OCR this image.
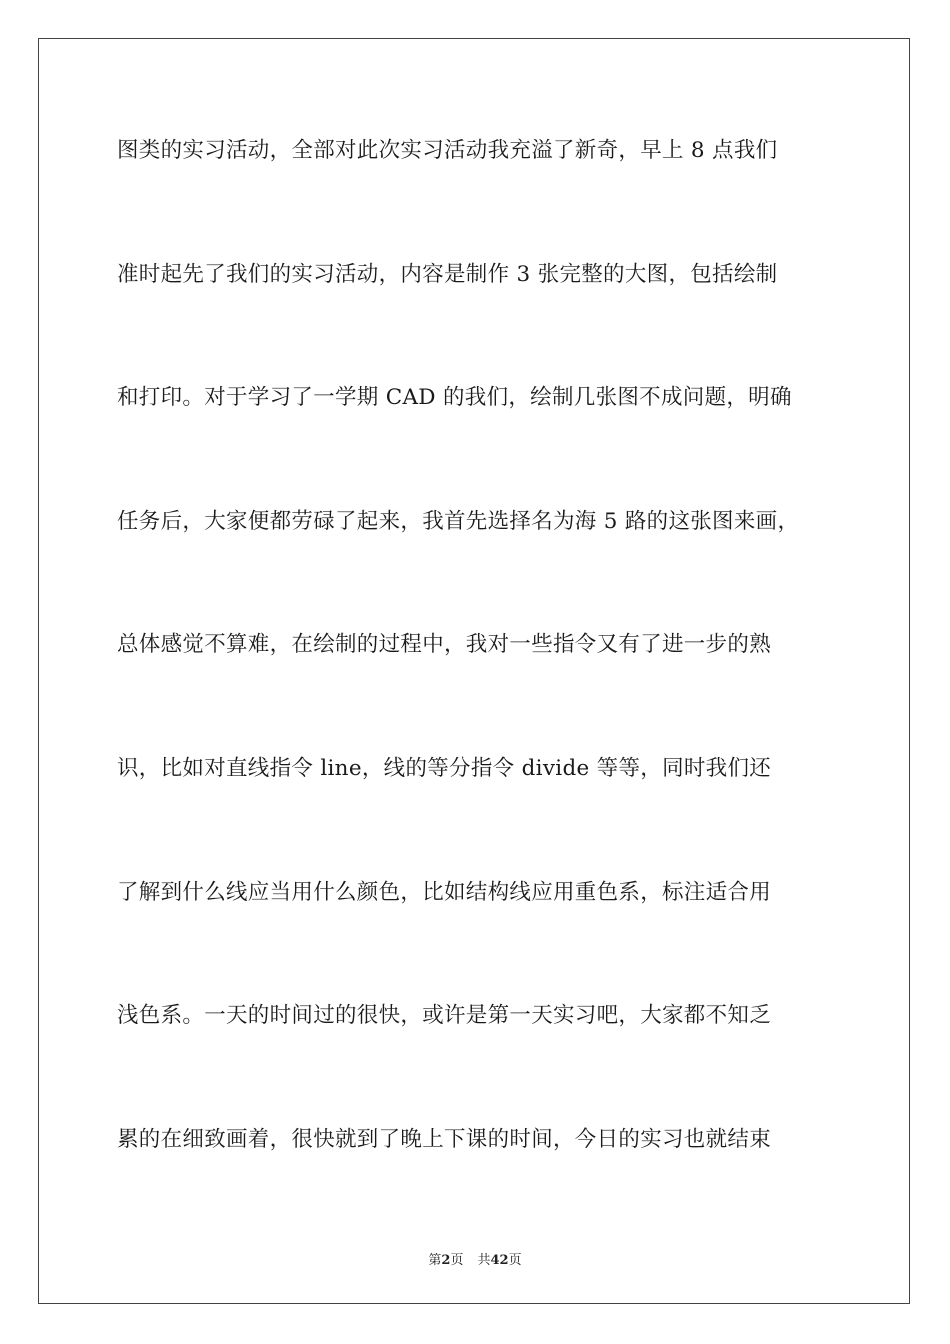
图类的实习活动，全部对此次实习活动我充溢了新奇，早上 8 点我们
准时起先了我们的实习活动，内容是制作 3 张完整的大图，包括绘制
和打印。对于学习了一学期 CAD 的我们，绘制几张图不成问题，明确
任务后，大家便都劳碌了起来，我首先选择名为海 5 路的这张图来画，
总体感觉不算难，在绘制的过程中，我对一些指令又有了进一步的熟
识，比如对直线指令 line，线的等分指令 divide 等等，同时我们还
了解到什么线应当用什么颜色，比如结构线应用重色系，标注适合用
浅色系。一天的时间过的很快，或许是第一天实习吧，大家都不知乏
累的在细致画着，很快就到了晚上下课的时间，今日的实习也就结束
第2页 共42页
